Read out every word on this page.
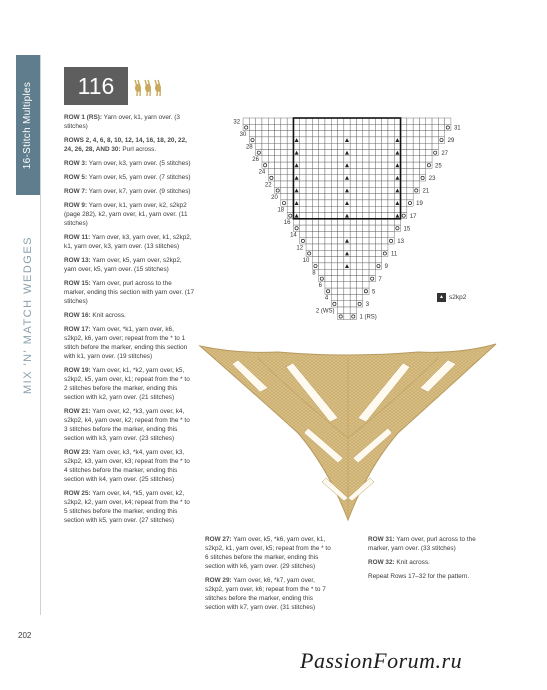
16-Stitch Multiples
MIX 'N' MATCH WEDGES
202
116
ROW 1 (RS): Yarn over, k1, yarn over. (3 stitches)
ROWS 2, 4, 6, 8, 10, 12, 14, 16, 18, 20, 22, 24, 26, 28, AND 30: Purl across.
ROW 3: Yarn over, k3, yarn over. (5 stitches)
ROW 5: Yarn over, k5, yarn over. (7 stitches)
ROW 7: Yarn over, k7, yarn over. (9 stitches)
ROW 9: Yarn over, k1, yarn over, k2, s2kp2 (page 282), k2, yarn over, k1, yarn over. (11 stitches)
ROW 11: Yarn over, k3, yarn over, k1, s2kp2, k1, yarn over, k3, yarn over. (13 stitches)
ROW 13: Yarn over, k5, yarn over, s2kp2, yarn over, k5, yarn over. (15 stitches)
ROW 15: Yarn over, purl across to the marker, ending this section with yarn over. (17 stitches)
ROW 16: Knit across.
ROW 17: Yarn over, *k1, yarn over, k6, s2kp2, k6, yarn over; repeat from the * to 1 stitch before the marker, ending this section with k1, yarn over. (19 stitches)
ROW 19: Yarn over, k1, *k2, yarn over, k5, s2kp2, k5, yarn over, k1; repeat from the * to 2 stitches before the marker, ending this section with k2, yarn over. (21 stitches)
ROW 21: Yarn over, k2, *k3, yarn over, k4, s2kp2, k4, yarn over, k2; repeat from the * to 3 stitches before the marker, ending this section with k3, yarn over. (23 stitches)
ROW 23: Yarn over, k3, *k4, yarn over, k3, s2kp2, k3, yarn over, k3; repeat from the * to 4 stitches before the marker, ending this section with k4, yarn over. (25 stitches)
ROW 25: Yarn over, k4, *k5, yarn over, k2, s2kp2, k2, yarn over, k4; repeat from the * to 5 stitches before the marker, ending this section with k5, yarn over. (27 stitches)
ROW 27: Yarn over, k5, *k6, yarn over, k1, s2kp2, k1, yarn over, k5; repeat from the * to 6 stitches before the marker, ending this section with k6, yarn over. (29 stitches)
ROW 29: Yarn over, k6, *k7, yarn over, s2kp2, yarn over, k6; repeat from the * to 7 stitches before the marker, ending this section with k7, yarn over. (31 stitches)
ROW 31: Yarn over, purl across to the marker, yarn over. (33 stitches)
ROW 32: Knit across.
Repeat Rows 17–32 for the pattern.
31
29
27
25
23
21
19
17
15
13
11
9
7
5
3
1 (RS)
32
30
28
26
24
22
20
18
16
14
12
10
8
6
4
2 (WS)
▲ s2kp2
PassionForum.ru
